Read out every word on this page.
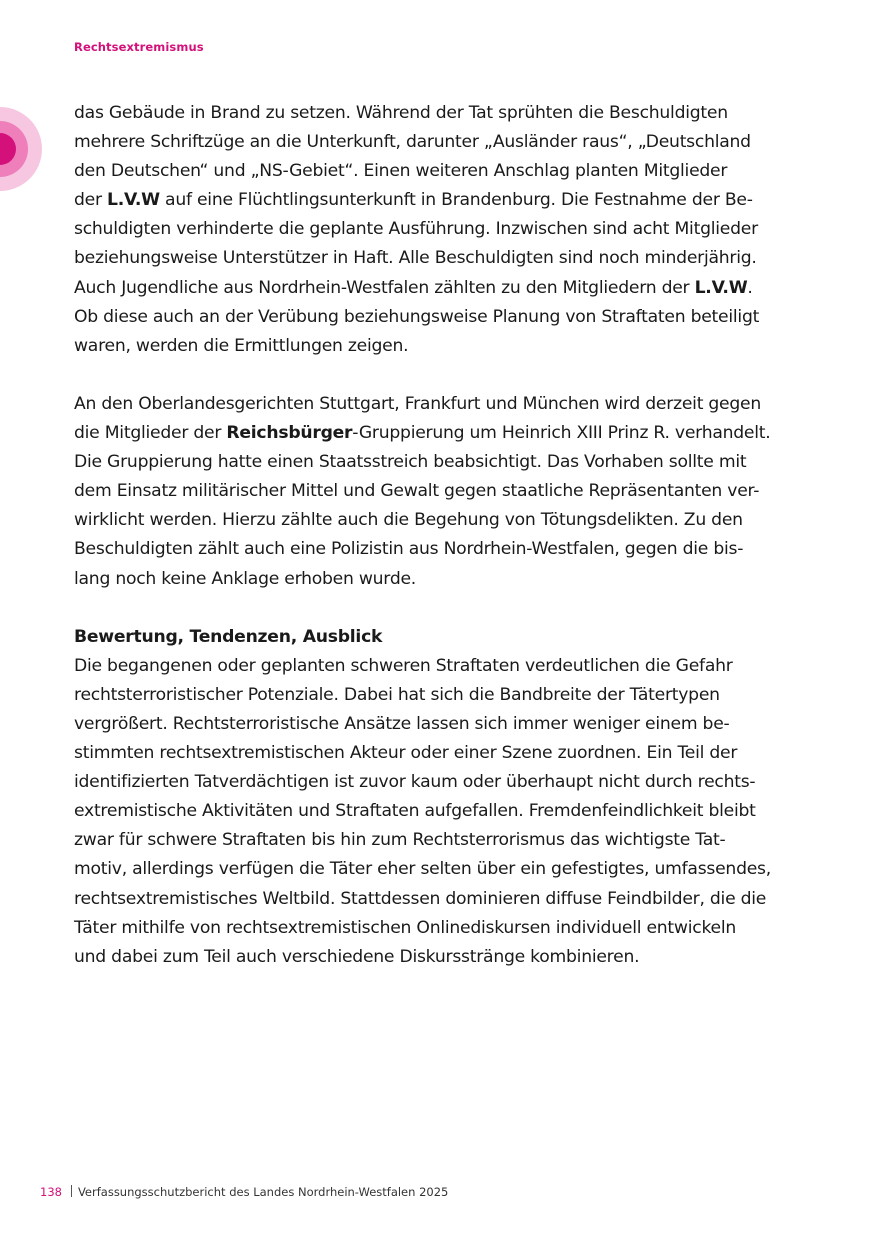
Rechtsextremismus
das Gebäude in Brand zu setzen. Während der Tat sprühten die Beschuldigten
mehrere Schriftzüge an die Unterkunft, darunter „Ausländer raus“, „Deutschland
den Deutschen“ und „NS-Gebiet“. Einen weiteren Anschlag planten Mitglieder
der L.V.W auf eine Flüchtlingsunterkunft in Brandenburg. Die Festnahme der Be-
schuldigten verhinderte die geplante Ausführung. Inzwischen sind acht Mitglieder
beziehungsweise Unterstützer in Haft. Alle Beschuldigten sind noch minderjährig.
Auch Jugendliche aus Nordrhein-Westfalen zählten zu den Mitgliedern der L.V.W.
Ob diese auch an der Verübung beziehungsweise Planung von Straftaten beteiligt
waren, werden die Ermittlungen zeigen.
An den Oberlandesgerichten Stuttgart, Frankfurt und München wird derzeit gegen
die Mitglieder der Reichsbürger-Gruppierung um Heinrich XIII Prinz R. verhandelt.
Die Gruppierung hatte einen Staatsstreich beabsichtigt. Das Vorhaben sollte mit
dem Einsatz militärischer Mittel und Gewalt gegen staatliche Repräsentanten ver-
wirklicht werden. Hierzu zählte auch die Begehung von Tötungsdelikten. Zu den
Beschuldigten zählt auch eine Polizistin aus Nordrhein-Westfalen, gegen die bis-
lang noch keine Anklage erhoben wurde.
Bewertung, Tendenzen, Ausblick
Die begangenen oder geplanten schweren Straftaten verdeutlichen die Gefahr
rechtsterroristischer Potenziale. Dabei hat sich die Bandbreite der Tätertypen
vergrößert. Rechtsterroristische Ansätze lassen sich immer weniger einem be-
stimmten rechtsextremistischen Akteur oder einer Szene zuordnen. Ein Teil der
identifizierten Tatverdächtigen ist zuvor kaum oder überhaupt nicht durch rechts-
extremistische Aktivitäten und Straftaten aufgefallen. Fremdenfeindlichkeit bleibt
zwar für schwere Straftaten bis hin zum Rechtsterrorismus das wichtigste Tat-
motiv, allerdings verfügen die Täter eher selten über ein gefestigtes, umfassendes,
rechtsextremistisches Weltbild. Stattdessen dominieren diffuse Feindbilder, die die
Täter mithilfe von rechtsextremistischen Onlinediskursen individuell entwickeln
und dabei zum Teil auch verschiedene Diskursstränge kombinieren.
138 Verfassungsschutzbericht des Landes Nordrhein-Westfalen 2025
